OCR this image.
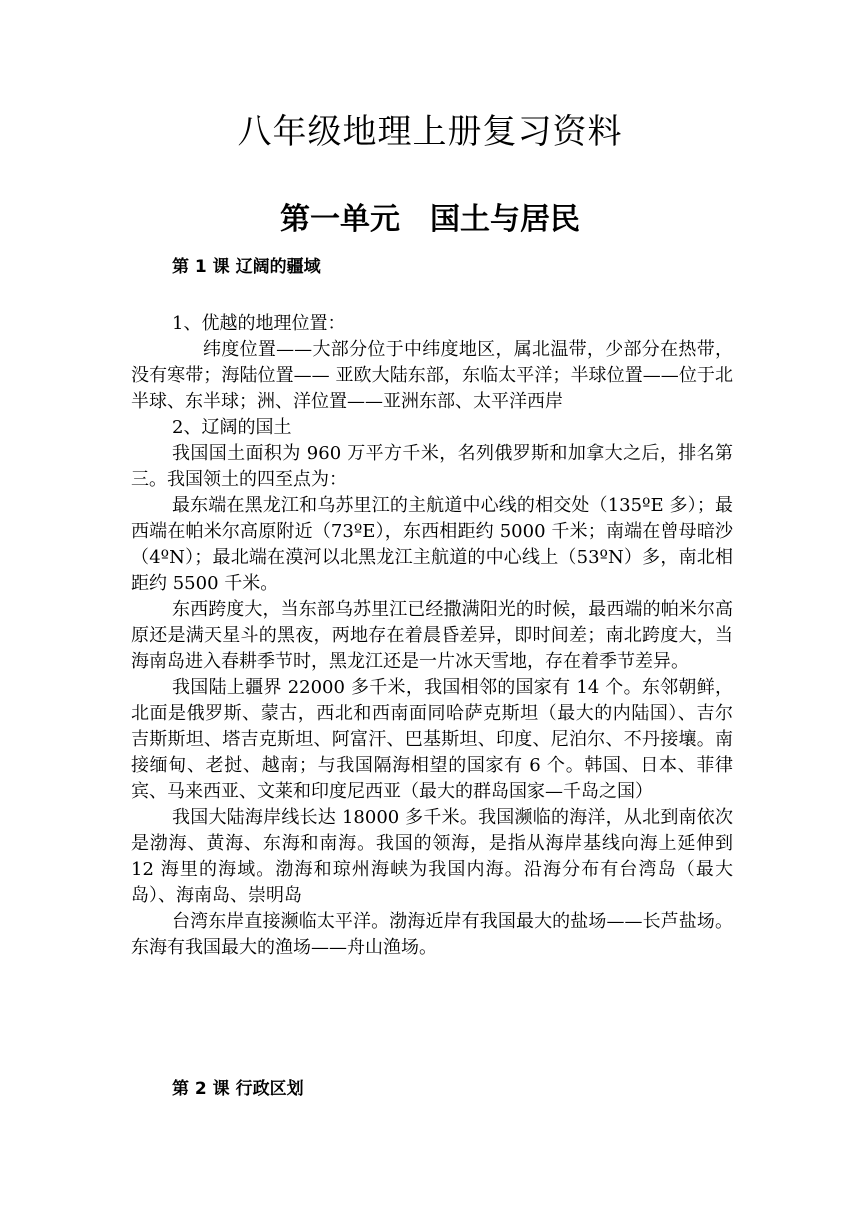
八年级地理上册复习资料
第一单元 国土与居民
第 1 课 辽阔的疆域

1、优越的地理位置：

纬度位置——大部分位于中纬度地区，属北温带，少部分在热带，没有寒带；海陆位置—— 亚欧大陆东部，东临太平洋；半球位置——位于北半球、东半球；洲、洋位置——亚洲东部、太平洋西岸

2、辽阔的国土

我国国土面积为 960 万平方千米，名列俄罗斯和加拿大之后，排名第三。我国领土的四至点为：

最东端在黑龙江和乌苏里江的主航道中心线的相交处（135ºE 多）；最西端在帕米尔高原附近（73ºE），东西相距约 5000 千米；南端在曾母暗沙（4ºN）；最北端在漠河以北黑龙江主航道的中心线上（53ºN）多，南北相距约 5500 千米。

东西跨度大，当东部乌苏里江已经撒满阳光的时候，最西端的帕米尔高原还是满天星斗的黑夜，两地存在着晨昏差异，即时间差；南北跨度大，当海南岛进入春耕季节时，黑龙江还是一片冰天雪地，存在着季节差异。

我国陆上疆界 22000 多千米，我国相邻的国家有 14 个。东邻朝鲜，北面是俄罗斯、蒙古，西北和西南面同哈萨克斯坦（最大的内陆国）、吉尔吉斯斯坦、塔吉克斯坦、阿富汗、巴基斯坦、印度、尼泊尔、不丹接壤。南接缅甸、老挝、越南；与我国隔海相望的国家有 6 个。韩国、日本、菲律宾、马来西亚、文莱和印度尼西亚（最大的群岛国家—千岛之国）

我国大陆海岸线长达 18000 多千米。我国濒临的海洋，从北到南依次是渤海、黄海、东海和南海。我国的领海，是指从海岸基线向海上延伸到 12 海里的海域。渤海和琼州海峡为我国内海。沿海分布有台湾岛（最大岛）、海南岛、崇明岛

台湾东岸直接濒临太平洋。渤海近岸有我国最大的盐场——长芦盐场。东海有我国最大的渔场——舟山渔场。

第 2 课 行政区划
